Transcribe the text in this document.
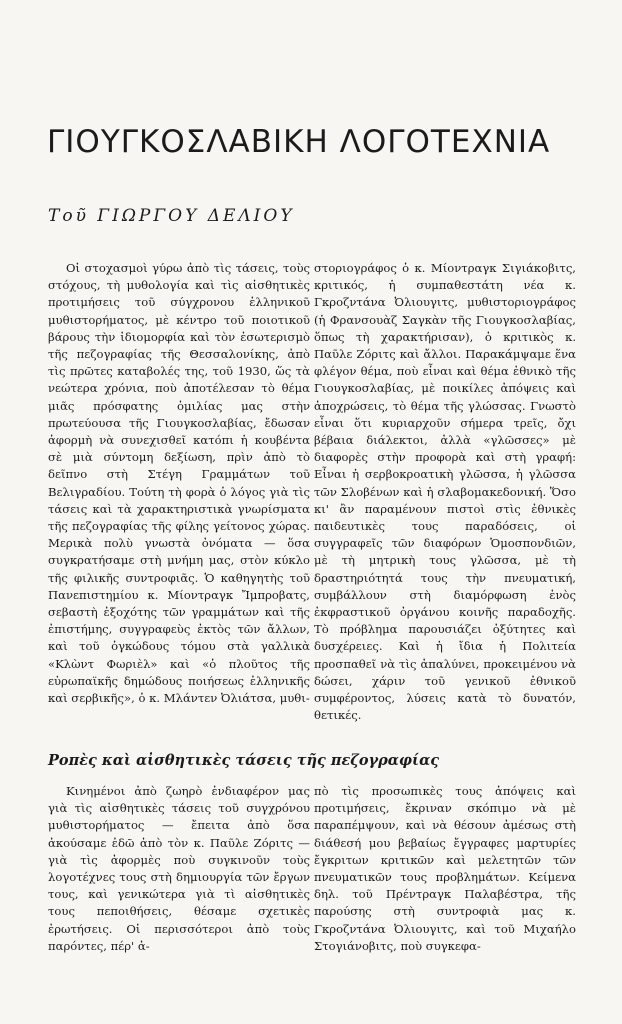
ΓΙΟΥΓΚΟΣΛΑΒΙΚΗ ΛΟΓΟΤΕΧΝΙΑ
Τοῦ ΓΙΩΡΓΟΥ ΔΕΛΙΟΥ

Οἱ στοχασμοὶ γύρω ἀπὸ τὶς τάσεις, τοὺς στόχους, τὴ μυθολογία καὶ τὶς αἰσθητικὲς προτιμήσεις τοῦ σύγχρονου ἑλληνικοῦ μυθιστορήματος, μὲ κέντρο τοῦ ποιοτικοῦ βάρους τὴν ἰδιομορφία καὶ τὸν ἐσωτερισμὸ τῆς πεζογραφίας τῆς Θεσσαλονίκης, ἀπὸ τὶς πρῶτες καταβολές της, τοῦ 1930, ὥς τὰ νεώτερα χρόνια, ποὺ ἀποτέλεσαν τὸ θέμα μιᾶς πρόσφατης ὁμιλίας μας στὴν πρωτεύουσα τῆς Γιουγκοσλαβίας, ἔδωσαν ἀφορμὴ νὰ συνεχισθεῖ κατόπι ἡ κουβέντα σὲ μιὰ σύντομη δεξίωση, πρὶν ἀπὸ τὸ δεῖπνο στὴ Στέγη Γραμμάτων τοῦ Βελιγραδίου. Τούτη τὴ φορὰ ὁ λόγος γιὰ τὶς τάσεις καὶ τὰ χαρακτηριστικὰ γνωρίσματα τῆς πεζογραφίας τῆς φίλης γείτονος χώρας. Μερικὰ πολὺ γνωστὰ ὀνόματα — ὅσα συγκρατήσαμε στὴ μνήμη μας, στὸν κύκλο τῆς φιλικῆς συντροφιᾶς. Ὁ καθηγητὴς τοῦ Πανεπιστημίου κ. Μίοντραγκ Ἴμπροβατς, σεβαστὴ ἐξοχότης τῶν γραμμάτων καὶ τῆς ἐπιστήμης, συγγραφεὺς ἐκτὸς τῶν ἄλλων, καὶ τοῦ ὀγκώδους τόμου στὰ γαλλικὰ «Κλὼντ Φωριὲλ» καὶ «ὁ πλοῦτος τῆς εὐρωπαϊκῆς δημώδους ποιήσεως ἑλληνικῆς καὶ σερβικῆς», ὁ κ. Μλάντεν Ὀλιάτσα, μυθι-

στοριογράφος ὁ κ. Μίοντραγκ Σιγιάκοβιτς, κριτικός, ἡ συμπαθεστάτη νέα κ. Γκροζντάνα Ὀλιουγιτς, μυθιστοριογράφος (ἡ Φρανσουὰζ Σαγκὰν τῆς Γιουγκοσλαβίας, ὅπως τὴ χαρακτήρισαν), ὁ κριτικὸς κ. Παῦλε Ζόριτς καὶ ἄλλοι. Παρακάμψαμε ἕνα φλέγον θέμα, ποὺ εἶναι καὶ θέμα ἐθνικὸ τῆς Γιουγκοσλαβίας, μὲ ποικίλες ἀπόψεις καὶ ἀποχρώσεις, τὸ θέμα τῆς γλώσσας. Γνωστὸ εἶναι ὅτι κυριαρχοῦν σήμερα τρεῖς, ὄχι βέβαια διάλεκτοι, ἀλλὰ «γλῶσσες» μὲ διαφορὲς στὴν προφορὰ καὶ στὴ γραφή: Εἶναι ἡ σερβοκροατικὴ γλῶσσα, ἡ γλῶσσα τῶν Σλοβένων καὶ ἡ σλαβομακεδονική. Ὅσο κι' ἂν παραμένουν πιστοὶ στὶς ἐθνικὲς παιδευτικὲς τους παραδόσεις, οἱ συγγραφεῖς τῶν διαφόρων Ὁμοσπονδιῶν, μὲ τὴ μητρικὴ τους γλῶσσα, μὲ τὴ δραστηριότητά τους τὴν πνευματική, συμβάλλουν στὴ διαμόρφωση ἑνὸς ἐκφραστικοῦ ὀργάνου κοινῆς παραδοχῆς. Τὸ πρόβλημα παρουσιάζει ὀξύτητες καὶ δυσχέρειες. Καὶ ἡ ἴδια ἡ Πολιτεία προσπαθεῖ νὰ τὶς ἀπαλύνει, προκειμένου νὰ δώσει, χάριν τοῦ γενικοῦ ἐθνικοῦ συμφέροντος, λύσεις κατὰ τὸ δυνατόν, θετικές.

Ροπὲς καὶ αἰσθητικὲς τάσεις τῆς πεζογραφίας

Κινημένοι ἀπὸ ζωηρὸ ἐνδιαφέρον μας γιὰ τὶς αἰσθητικὲς τάσεις τοῦ συγχρόνου μυθιστορήματος — ἔπειτα ἀπὸ ὅσα ἀκούσαμε ἐδῶ ἀπὸ τὸν κ. Παῦλε Ζόριτς — γιὰ τὶς ἀφορμὲς ποὺ συγκινοῦν τοὺς λογοτέχνες τους στὴ δημιουργία τῶν ἔργων τους, καὶ γενικώτερα γιὰ τὶ αἰσθητικὲς τους πεποιθήσεις, θέσαμε σχετικὲς ἐρωτήσεις. Οἱ περισσότεροι ἀπὸ τοὺς παρόντες, πέρ' ἀ-

πὸ τὶς προσωπικὲς τους ἀπόψεις καὶ προτιμήσεις, ἔκριναν σκόπιμο νὰ μὲ παραπέμψουν, καὶ νὰ θέσουν ἀμέσως στὴ διάθεσή μου βεβαίως ἔγγραφες μαρτυρίες ἔγκριτων κριτικῶν καὶ μελετητῶν τῶν πνευματικῶν τους προβλημάτων. Κείμενα δηλ. τοῦ Πρέντραγκ Παλαβέστρα, τῆς παρούσης στὴ συντροφιὰ μας κ. Γκροζντάνα Ὀλιουγιτς, καὶ τοῦ Μιχαήλο Στογιάνοβιτς, ποὺ συγκεφα-
